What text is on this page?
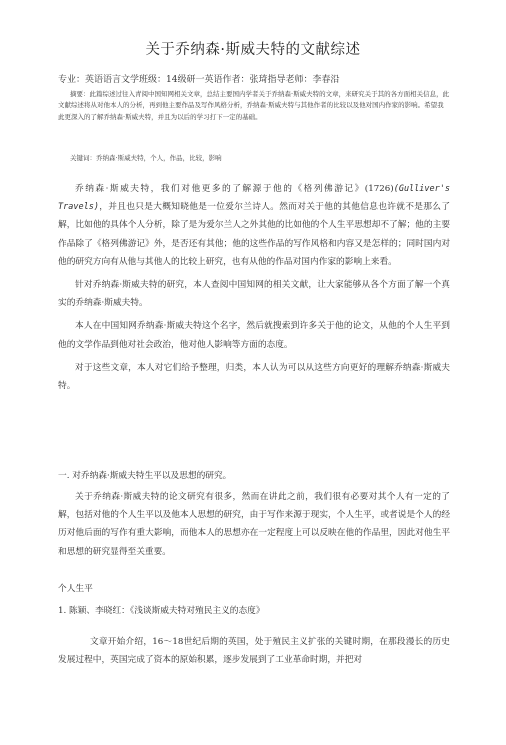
关于乔纳森·斯威夫特的文献综述
专业：英语语言文学班级：14级研一英语作者：张琦指导老师：李春沿

摘要：此篇综述过往入青阅中国知网相关文章，总结主要国内学者关于乔纳森·斯威夫特的文章，来研究关于其的各方面相关信息，此文献综述将从对他本人的分析，再到他主要作品及写作风格分析，乔纳森·斯威夫特与其他作者的比较以及他对国内作家的影响。希望我此更深入的了解乔纳森·斯威夫特，并且为以后的学习打下一定的基础。

关键词：乔纳森·斯威夫特，个人，作品，比较，影响

乔纳森·斯威夫特，我们对他更多的了解源于他的《格列佛游记》(1726)(Gulliver's Travels)，并且也只是大概知晓他是一位爱尔兰诗人。然而对关于他的其他信息也许就不是那么了解，比如他的具体个人分析，除了是为爱尔兰人之外其他的比如他的个人生平思想却不了解；他的主要作品除了《格列佛游记》外，是否还有其他；他的这些作品的写作风格和内容又是怎样的；同时国内对他的研究方向有从他与其他人的比较上研究，也有从他的作品对国内作家的影响上来看。

针对乔纳森·斯威夫特的研究，本人查阅中国知网的相关文献，让大家能够从各个方面了解一个真实的乔纳森·斯威夫特。

本人在中国知网乔纳森·斯威夫特这个名字，然后就搜索到许多关于他的论文，从他的个人生平到他的文学作品到他对社会政治，他对他人影响等方面的态度。

对于这些文章，本人对它们给予整理，归类，本人认为可以从这些方向更好的理解乔纳森·斯威夫特。

一. 对乔纳森·斯威夫特生平以及思想的研究。

关于乔纳森·斯威夫特的论文研究有很多，然而在讲此之前，我们很有必要对其个人有一定的了解，包括对他的个人生平以及他本人思想的研究，由于写作来源于现实，个人生平，或者说是个人的经历对他后面的写作有重大影响，而他本人的思想亦在一定程度上可以反映在他的作品里，因此对他生平和思想的研究显得至关重要。

个人生平
1. 陈颖、李晓红：《浅谈斯威夫特对殖民主义的态度》

文章开始介绍，16～18世纪后期的英国，处于殖民主义扩张的关键时期，在那段漫长的历史发展过程中，英国完成了资本的原始积累，逐步发展到了工业革命时期，并把对
